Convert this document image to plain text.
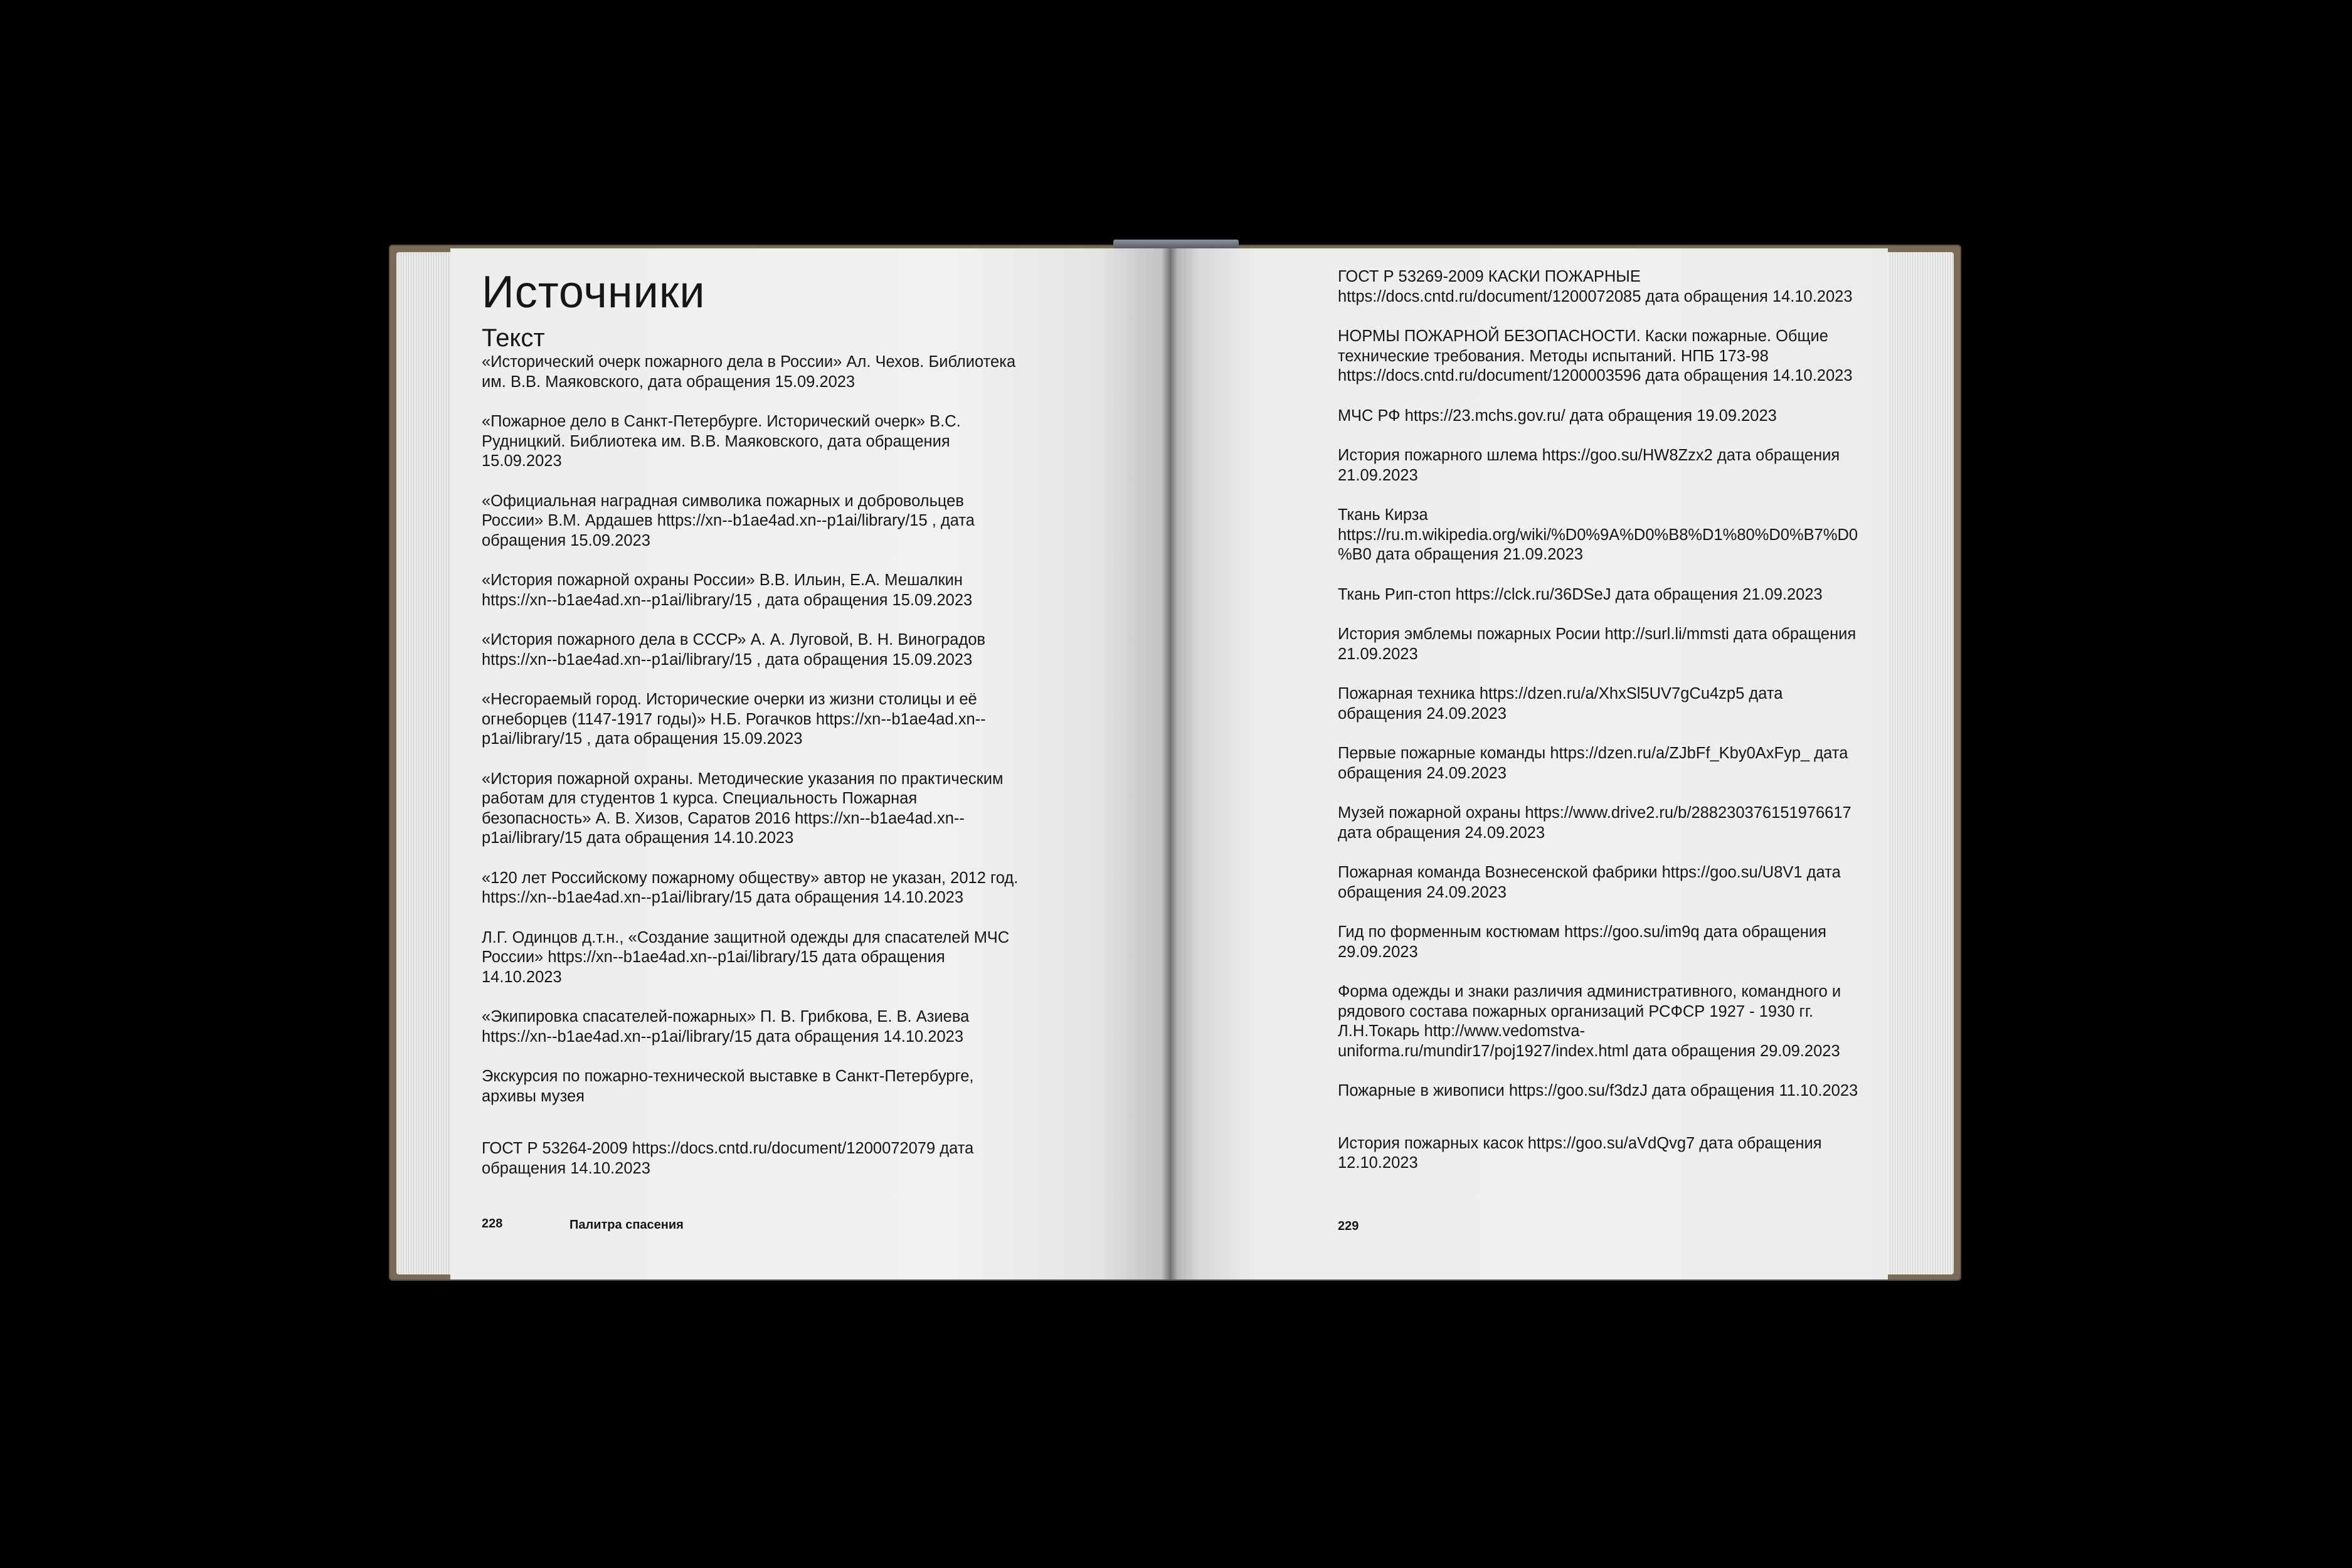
Источники
Текст

«Исторический очерк пожарного дела в России» Ал. Чехов. Библиотека им. В.В. Маяковского, дата обращения 15.09.2023

«Пожарное дело в Санкт-Петербурге. Исторический очерк» В.С. Рудницкий. Библиотека им. В.В. Маяковского, дата обращения 15.09.2023

«Официальная наградная символика пожарных и добровольцев России» В.М. Ардашев https://xn--b1ae4ad.xn--p1ai/library/15 , дата обращения 15.09.2023

«История пожарной охраны России» В.В. Ильин, Е.А. Мешалкин https://xn--b1ae4ad.xn--p1ai/library/15 , дата обращения 15.09.2023

«История пожарного дела в СССР» А. А. Луговой, В. Н. Виноградов https://xn--b1ae4ad.xn--p1ai/library/15 , дата обращения 15.09.2023

«Несгораемый город. Исторические очерки из жизни столицы и её огнеборцев (1147-1917 годы)» Н.Б. Рогачков https://xn--b1ae4ad.xn--p1ai/library/15 , дата обращения 15.09.2023

«История пожарной охраны. Методические указания по практическим работам для студентов 1 курса. Специальность Пожарная безопасность» А. В. Хизов, Саратов 2016 https://xn--b1ae4ad.xn--p1ai/library/15 дата обращения 14.10.2023

«120 лет Российскому пожарному обществу» автор не указан, 2012 год. https://xn--b1ae4ad.xn--p1ai/library/15 дата обращения 14.10.2023

Л.Г. Одинцов д.т.н., «Создание защитной одежды для спасателей МЧС России» https://xn--b1ae4ad.xn--p1ai/library/15 дата обращения 14.10.2023

«Экипировка спасателей-пожарных» П. В. Грибкова, Е. В. Азиева https://xn--b1ae4ad.xn--p1ai/library/15 дата обращения 14.10.2023

Экскурсия по пожарно-технической выставке в Санкт-Петербурге, архивы музея

ГОСТ Р 53264-2009 https://docs.cntd.ru/document/1200072079 дата обращения 14.10.2023

228	Палитра спасения

ГОСТ Р 53269-2009 КАСКИ ПОЖАРНЫЕ https://docs.cntd.ru/document/1200072085 дата обращения 14.10.2023

НОРМЫ ПОЖАРНОЙ БЕЗОПАСНОСТИ. Каски пожарные. Общие технические требования. Методы испытаний. НПБ 173-98 https://docs.cntd.ru/document/1200003596 дата обращения 14.10.2023

МЧС РФ https://23.mchs.gov.ru/ дата обращения 19.09.2023

История пожарного шлема https://goo.su/HW8Zzx2 дата обращения 21.09.2023

Ткань Кирза https://ru.m.wikipedia.org/wiki/%D0%9A%D0%B8%D1%80%D0%B7%D0%B0 дата обращения 21.09.2023

Ткань Рип-стоп https://clck.ru/36DSeJ дата обращения 21.09.2023

История эмблемы пожарных Росии http://surl.li/mmsti дата обращения 21.09.2023

Пожарная техника https://dzen.ru/a/XhxSl5UV7gCu4zp5 дата обращения 24.09.2023

Первые пожарные команды https://dzen.ru/a/ZJbFf_Kby0AxFyp_ дата обращения 24.09.2023

Музей пожарной охраны https://www.drive2.ru/b/288230376151976617 дата обращения 24.09.2023

Пожарная команда Вознесенской фабрики https://goo.su/U8V1 дата обращения 24.09.2023

Гид по форменным костюмам https://goo.su/im9q дата обращения 29.09.2023

Форма одежды и знаки различия административного, командного и рядового состава пожарных организаций РСФСР 1927 - 1930 гг. Л.Н.Токарь http://www.vedomstva-uniforma.ru/mundir17/poj1927/index.html дата обращения 29.09.2023

Пожарные в живописи https://goo.su/f3dzJ дата обращения 11.10.2023

История пожарных касок https://goo.su/aVdQvg7 дата обращения 12.10.2023

229
